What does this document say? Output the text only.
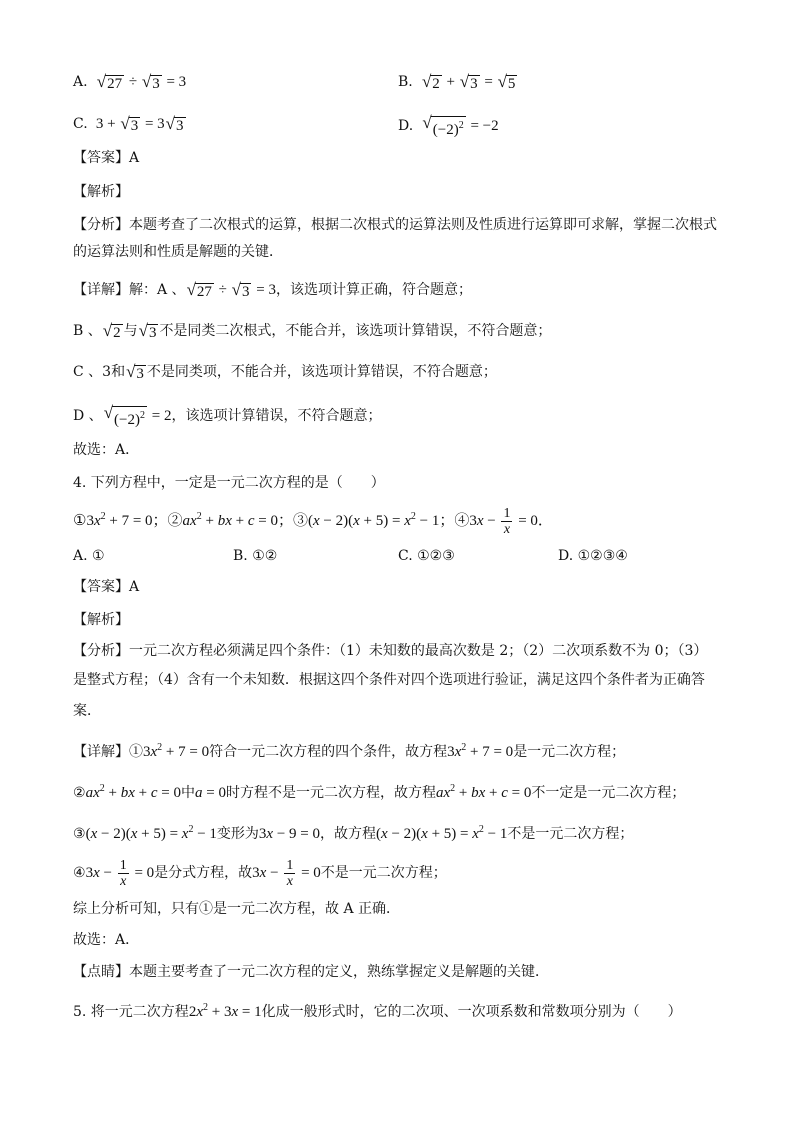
A. √ 27 ÷ √ 3 = 3	B. √ 2 + √ 3 = √ 5
C.  3 + √ 3 = 3 √ 3	D. √ $(-2)^2 = -2$
【答案】A
【解析】
【分析】本题考查了二次根式的运算，根据二次根式的运算法则及性质进行运算即可求解，掌握二次根式
的运算法则和性质是解题的关键．
【详解】解：A 、 √ 27 ÷ √ 3 = 3，该选项计算正确，符合题意；
B 、 √ 2 与 √ 3 不是同类二次根式，不能合并，该选项计算错误，不符合题意；
C 、3和 √ 3 不是同类项，不能合并，该选项计算错误，不符合题意；
D 、 √ $(-2)^2 = 2$，该选项计算错误，不符合题意；
故选：A．
4. 下列方程中，一定是一元二次方程的是（　　）
$①3x^2 + 7 = 0$；$②ax^2$ + bx + c = 0；③(x − $2)(x + 5) = x^2 - 1$；④3x − $\frac{1}{x} = 0$．
A. ①	B. ①②	C. ①②③	D. ①②③④
【答案】A
【解析】
【分析】一元二次方程必须满足四个条件：（1）未知数的最高次数是 2；（2）二次项系数不为 0；（3）
是整式方程；（4）含有一个未知数．根据这四个条件对四个选项进行验证，满足这四个条件者为正确答
案．
【详解】$①3x^2 + 7 = 0$符合一元二次方程的四个条件，故方程$3x^2 + 7 = 0$是一元二次方程；
$②ax^2$ + bx + c = 0中a = 0时方程不是一元二次方程，故方程$ax^2$ + bx + c = 0不一定是一元二次方程；
③(x − $2)(x + 5) = x^2 - 1$变形为3x − 9 = 0，故方程$(x - 2)(x + 5) = x^2 - 1$不是一元二次方程；
④3x − $\frac{1}{x} = 0$是分式方程，故$3x - \frac{1}{x} = 0$不是一元二次方程；
综上分析可知，只有①是一元二次方程，故 A 正确．
故选：A．
【点睛】本题主要考查了一元二次方程的定义，熟练掌握定义是解题的关键．
5. 将一元二次方程$2x^2 + 3x = 1$化成一般形式时，它的二次项、一次项系数和常数项分别为（　　）
